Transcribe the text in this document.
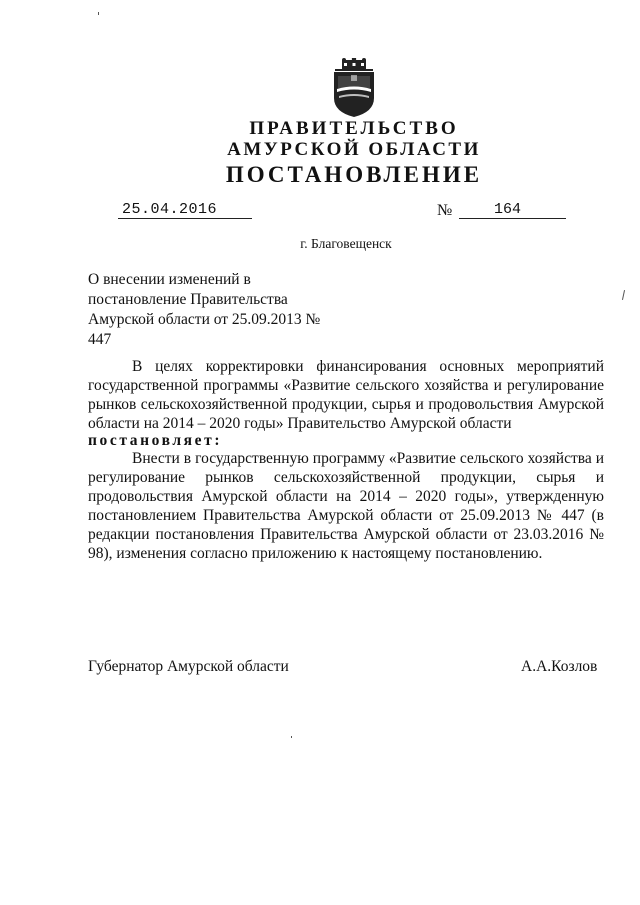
ПРАВИТЕЛЬСТВО
АМУРСКОЙ ОБЛАСТИ
ПОСТАНОВЛЕНИЕ
25.04.2016	№	164
г. Благовещенск
О внесении изменений в постановление Правительства Амурской области от 25.09.2013 № 447
В целях корректировки финансирования основных мероприятий государственной программы «Развитие сельского хозяйства и регулирование рынков сельскохозяйственной продукции, сырья и продовольствия Амурской области на 2014 – 2020 годы» Правительство Амурской области
постановляет:
Внести в государственную программу «Развитие сельского хозяйства и регулирование рынков сельскохозяйственной продукции, сырья и продовольствия Амурской области на 2014 – 2020 годы», утвержденную постановлением Правительства Амурской области от 25.09.2013 № 447 (в редакции постановления Правительства Амурской области от 23.03.2016 № 98), изменения согласно приложению к настоящему постановлению.
Губернатор Амурской области	А.А.Козлов
